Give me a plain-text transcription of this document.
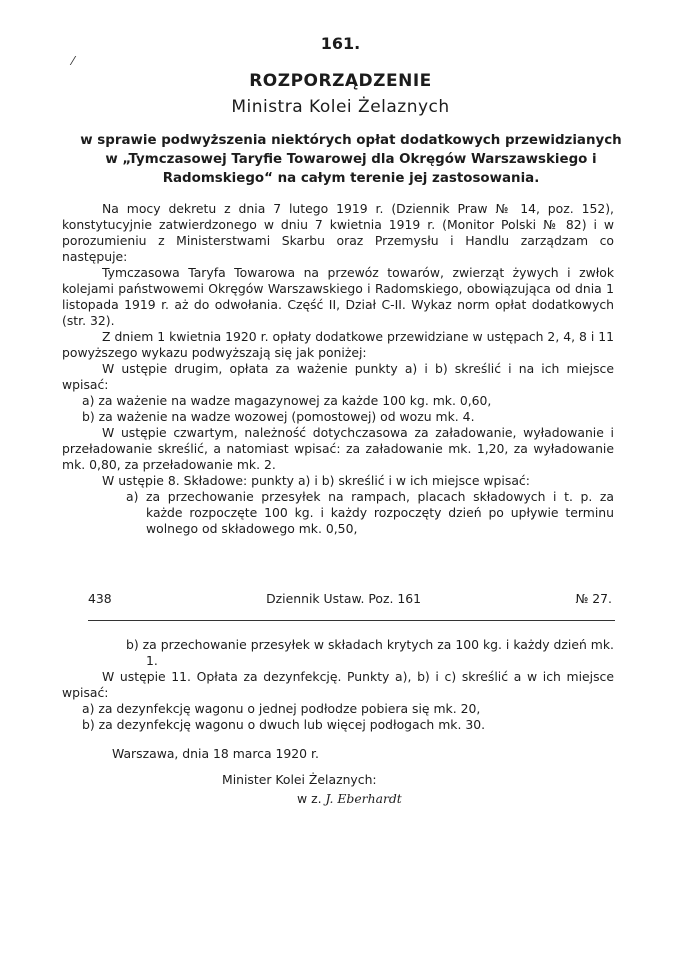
⁄
161.
ROZPORZĄDZENIE
Ministra Kolei Żelaznych
w sprawie podwyższenia niektórych opłat dodatkowych przewidzianych w „Tymczasowej Taryfie Towarowej dla Okręgów Warszawskiego i Radomskiego“ na całym terenie jej zastosowania.

Na mocy dekretu z dnia 7 lutego 1919 r. (Dziennik Praw № 14, poz. 152), konstytucyjnie zatwierdzonego w dniu 7 kwietnia 1919 r. (Monitor Polski № 82) i w porozumieniu z Ministerstwami Skarbu oraz Przemysłu i Handlu zarządzam co następuje:

Tymczasowa Taryfa Towarowa na przewóz towarów, zwierząt żywych i zwłok kolejami państwowemi Okręgów Warszawskiego i Radomskiego, obowiązująca od dnia 1 listopada 1919 r. aż do odwołania. Część II, Dział C-II. Wykaz norm opłat dodatkowych (str. 32).

Z dniem 1 kwietnia 1920 r. opłaty dodatkowe przewidziane w ustępach 2, 4, 8 i 11 powyższego wykazu podwyższają się jak poniżej:

W ustępie drugim, opłata za ważenie punkty a) i b) skreślić i na ich miejsce wpisać:

a) za ważenie na wadze magazynowej za każde 100 kg. mk. 0,60,

b) za ważenie na wadze wozowej (pomostowej) od wozu mk. 4.

W ustępie czwartym, należność dotychczasowa za załadowanie, wyładowanie i przeładowanie skreślić, a natomiast wpisać: za załadowanie mk. 1,20, za wyładowanie mk. 0,80, za przeładowanie mk. 2.

W ustępie 8. Składowe: punkty a) i b) skreślić i w ich miejsce wpisać:

a) za przechowanie przesyłek na rampach, placach składowych i t. p. za każde rozpoczęte 100 kg. i każdy rozpoczęty dzień po upływie terminu wolnego od składowego mk. 0,50,

438	Dziennik Ustaw. Poz. 161	№ 27.

b) za przechowanie przesyłek w składach krytych za 100 kg. i każdy dzień mk. 1.

W ustępie 11. Opłata za dezynfekcję. Punkty a), b) i c) skreślić a w ich miejsce wpisać:

a) za dezynfekcję wagonu o jednej podłodze pobiera się mk. 20,

b) za dezynfekcję wagonu o dwuch lub więcej podłogach mk. 30.

Warszawa, dnia 18 marca 1920 r.
Minister Kolei Żelaznych:
w z. J. Eberhardt
